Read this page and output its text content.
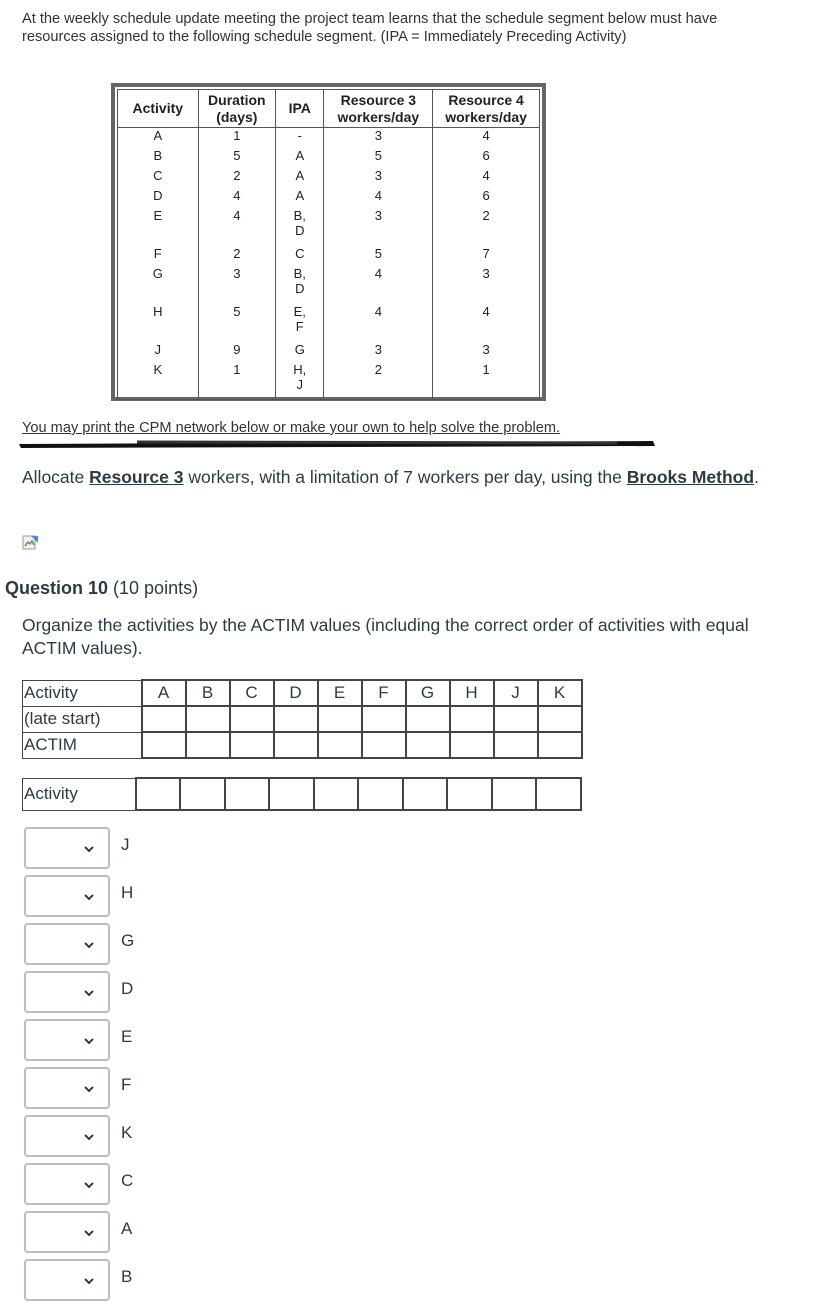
At the weekly schedule update meeting the project team learns that the schedule segment below must have resources assigned to the following schedule segment. (IPA = Immediately Preceding Activity)
Activity	Duration (days)	IPA	Resource 3 workers/day	Resource 4 workers/day
A	1	-	3	4
B	5	A	5	6
C	2	A	3	4
D	4	A	4	6
E	4	B, D	3	2
F	2	C	5	7
G	3	B, D	4	3
H	5	E, F	4	4
J	9	G	3	3
K	1	H, J	2	1
You may print the CPM network below or make your own to help solve the problem.
Allocate Resource 3 workers, with a limitation of 7 workers per day, using the Brooks Method.
Question 10 (10 points)
Organize the activities by the ACTIM values (including the correct order of activities with equal ACTIM values).
Activity	A	B	C	D	E	F	G	H	J	K
(late start)										
ACTIM										
Activity										
J
H
G
D
E
F
K
C
A
B
